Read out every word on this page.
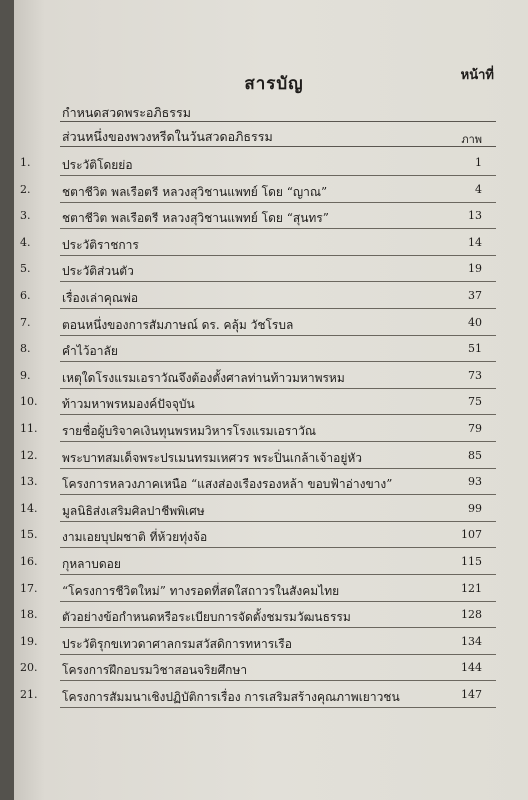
สารบัญ	หน้าที่
กำหนดสวดพระอภิธรรม
ส่วนหนึ่งของพวงหรีดในวันสวดอภิธรรม	ภาพ
1.	ประวัติโดยย่อ	1
2.	ชตาชีวิต พลเรือตรี หลวงสุวิชานแพทย์ โดย “ญาณ”	4
3.	ชตาชีวิต พลเรือตรี หลวงสุวิชานแพทย์ โดย “สุนทร”	13
4.	ประวัติราชการ	14
5.	ประวัติส่วนตัว	19
6.	เรื่องเล่าคุณพ่อ	37
7.	ตอนหนึ่งของการสัมภาษณ์ ดร. คลุ้ม วัชโรบล	40
8.	คำไว้อาลัย	51
9.	เหตุใดโรงแรมเอราวัณจึงต้องตั้งศาลท่านท้าวมหาพรหม	73
10. ท้าวมหาพรหมองค์ปัจจุบัน	75
11. รายชื่อผู้บริจาคเงินทุนพรหมวิหารโรงแรมเอราวัณ	79
12. พระบาทสมเด็จพระปรเมนทรมเหศวร พระปิ่นเกล้าเจ้าอยู่หัว	85
13. โครงการหลวงภาคเหนือ “แสงส่องเรืองรองหล้า ขอบฟ้าอ่างขาง”	93
14. มูลนิธิส่งเสริมศิลปาชีพพิเศษ	99
15. งามเอยบุปผชาติ ที่ห้วยทุ่งจ้อ	107
16. กุหลาบดอย	115
17. “โครงการชีวิตใหม่” ทางรอดที่สดใสถาวรในสังคมไทย	121
18. ตัวอย่างข้อกำหนดหรือระเบียบการจัดตั้งชมรมวัฒนธรรม	128
19. ประวัติรุกขเทวดาศาลกรมสวัสดิการทหารเรือ	134
20. โครงการฝึกอบรมวิชาสอนจริยศึกษา	144
21. โครงการสัมมนาเชิงปฏิบัติการเรื่อง การเสริมสร้างคุณภาพเยาวชน	147
